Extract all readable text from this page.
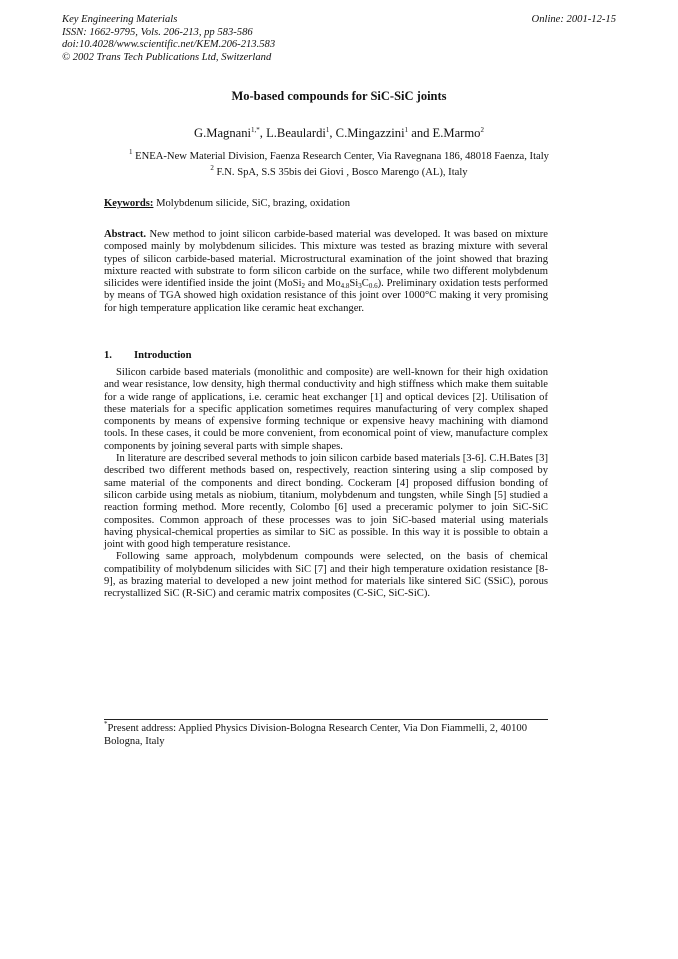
Key Engineering Materials
ISSN: 1662-9795, Vols. 206-213, pp 583-586
doi:10.4028/www.scientific.net/KEM.206-213.583
© 2002 Trans Tech Publications Ltd, Switzerland
Online: 2001-12-15
Mo-based compounds for SiC-SiC joints
G.Magnani$^{1,*}$, L.Beaulardi$^1$, C.Mingazzini$^1$ and E.Marmo$^2$
$^1$ ENEA-New Material Division, Faenza Research Center, Via Ravegnana 186, 48018 Faenza, Italy
$^2$ F.N. SpA, S.S 35bis dei Giovi , Bosco Marengo (AL), Italy
Keywords: Molybdenum silicide, SiC, brazing, oxidation
Abstract. New method to joint silicon carbide-based material was developed. It was based on mixture composed mainly by molybdenum silicides. This mixture was tested as brazing mixture with several types of silicon carbide-based material. Microstructural examination of the joint showed that brazing mixture reacted with substrate to form silicon carbide on the surface, while two different molybdenum silicides were identified inside the joint (MoSi$_2$ and $Mo_{4.8}Si_3C_{0.6}$). Preliminary oxidation tests performed by means of TGA showed high oxidation resistance of this joint over 1000°C making it very promising for high temperature application like ceramic heat exchanger.
1. Introduction

Silicon carbide based materials (monolithic and composite) are well-known for their high oxidation and wear resistance, low density, high thermal conductivity and high stiffness which make them suitable for a wide range of applications, i.e. ceramic heat exchanger [1] and optical devices [2]. Utilisation of these materials for a specific application sometimes requires manufacturing of very complex shaped components by means of expensive forming technique or expensive heavy machining with diamond tools. In these cases, it could be more convenient, from economical point of view, manufacture complex components by joining several parts with simple shapes.

In literature are described several methods to join silicon carbide based materials [3-6]. C.H.Bates [3] described two different methods based on, respectively, reaction sintering using a slip composed by same material of the components and direct bonding. Cockeram [4] proposed diffusion bonding of silicon carbide using metals as niobium, titanium, molybdenum and tungsten, while Singh [5] studied a reaction forming method. More recently, Colombo [6] used a preceramic polymer to join SiC-SiC composites. Common approach of these processes was to join SiC-based material using materials having physical-chemical properties as similar to SiC as possible. In this way it is possible to obtain a joint with good high temperature resistance.

Following same approach, molybdenum compounds were selected, on the basis of chemical compatibility of molybdenum silicides with SiC [7] and their high temperature oxidation resistance [8-9], as brazing material to developed a new joint method for materials like sintered SiC (SSiC), porous recrystallized SiC (R-SiC) and ceramic matrix composites (C-SiC, SiC-SiC).

*Present address: Applied Physics Division-Bologna Research Center, Via Don Fiammelli, 2, 40100 Bologna, Italy
